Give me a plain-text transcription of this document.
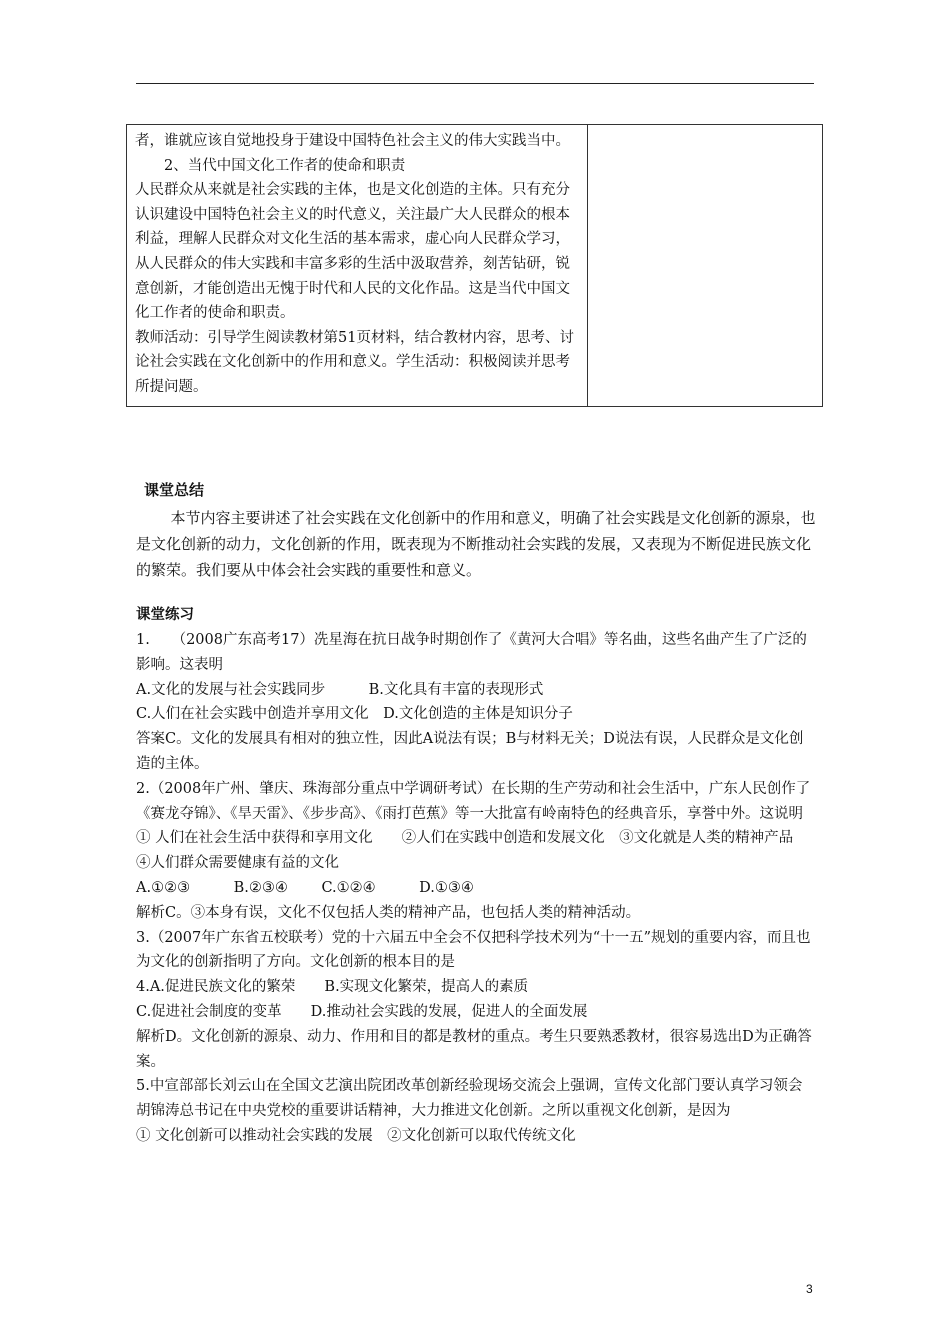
者，谁就应该自觉地投身于建设中国特色社会主义的伟大实践当中。
2、当代中国文化工作者的使命和职责
人民群众从来就是社会实践的主体，也是文化创造的主体。只有充分认识建设中国特色社会主义的时代意义，关注最广大人民群众的根本利益，理解人民群众对文化生活的基本需求，虚心向人民群众学习，从人民群众的伟大实践和丰富多彩的生活中汲取营养，刻苦钻研，锐意创新，才能创造出无愧于时代和人民的文化作品。这是当代中国文化工作者的使命和职责。
教师活动：引导学生阅读教材第51页材料，结合教材内容，思考、讨论社会实践在文化创新中的作用和意义。学生活动：积极阅读并思考所提问题。

课堂总结
本节内容主要讲述了社会实践在文化创新中的作用和意义，明确了社会实践是文化创新的源泉，也是文化创新的动力，文化创新的作用，既表现为不断推动社会实践的发展，又表现为不断促进民族文化的繁荣。我们要从中体会社会实践的重要性和意义。
课堂练习

1.　　（2008广东高考17）冼星海在抗日战争时期创作了《黄河大合唱》等名曲，这些名曲产生了广泛的影响。这表明

A.文化的发展与社会实践同步　　　B.文化具有丰富的表现形式

C.人们在社会实践中创造并享用文化　D.文化创造的主体是知识分子

答案C。文化的发展具有相对的独立性，因此A说法有误；B与材料无关；D说法有误，人民群众是文化创造的主体。

2.（2008年广州、肇庆、珠海部分重点中学调研考试）在长期的生产劳动和社会生活中，广东人民创作了《赛龙夺锦》、《旱天雷》、《步步高》、《雨打芭蕉》等一大批富有岭南特色的经典音乐，享誉中外。这说明

① 人们在社会生活中获得和享用文化　　②人们在实践中创造和发展文化　③文化就是人类的精神产品　　④人们群众需要健康有益的文化

A.①②③　　　B.②③④　　 C.①②④　　　D.①③④

解析C。③本身有误，文化不仅包括人类的精神产品，也包括人类的精神活动。

3.（2007年广东省五校联考）党的十六届五中全会不仅把科学技术列为“十一五”规划的重要内容，而且也为文化的创新指明了方向。文化创新的根本目的是

4.A.促进民族文化的繁荣　　B.实现文化繁荣，提高人的素质

C.促进社会制度的变革　　D.推动社会实践的发展，促进人的全面发展

解析D。文化创新的源泉、动力、作用和目的都是教材的重点。考生只要熟悉教材，很容易选出D为正确答案。

5.中宣部部长刘云山在全国文艺演出院团改革创新经验现场交流会上强调，宣传文化部门要认真学习领会胡锦涛总书记在中央党校的重要讲话精神，大力推进文化创新。之所以重视文化创新，是因为

① 文化创新可以推动社会实践的发展　②文化创新可以取代传统文化

3
